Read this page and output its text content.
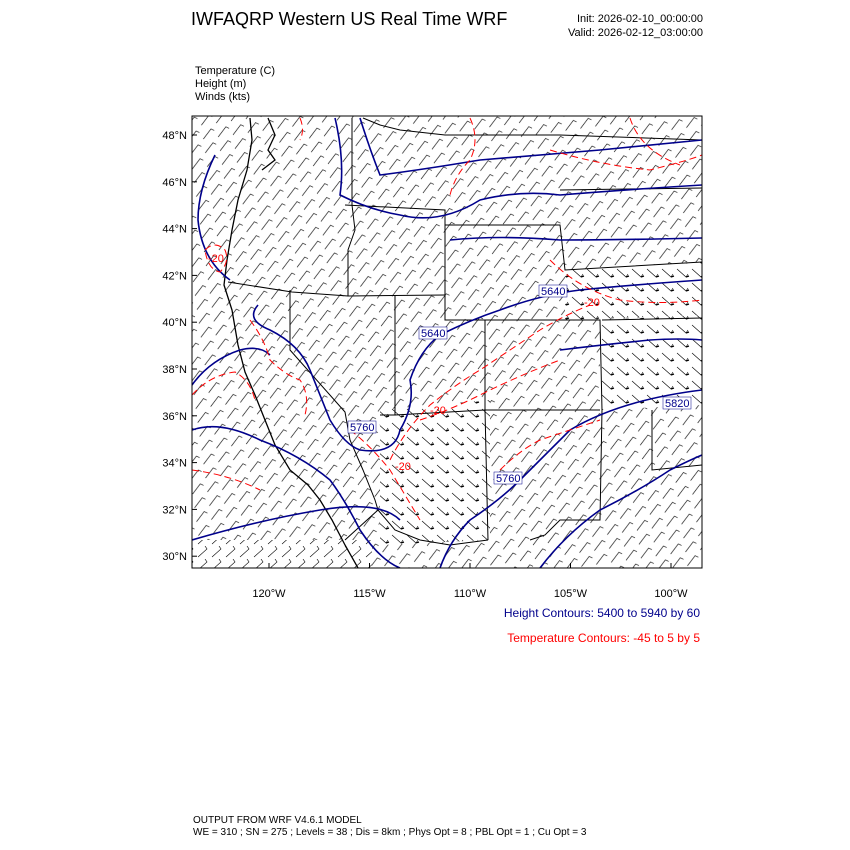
IWFAQRP Western US Real Time WRF	Init: 2026-02-10_00:00:00
Valid: 2026-02-12_03:00:00
Temperature (C)
Height (m)
Winds (kts)
48°N
46°N
44°N
42°N
40°N
38°N
36°N
34°N
32°N
30°N
120°W	115°W	110°W	105°W	100°W
5640
5640
5760
5760
5820
-20
-20
-20
-20
Height Contours: 5400 to 5940 by 60
Temperature Contours: -45 to 5 by 5
OUTPUT FROM WRF V4.6.1 MODEL
WE = 310 ; SN = 275 ; Levels = 38 ; Dis = 8km ; Phys Opt = 8 ; PBL Opt = 1 ; Cu Opt = 3
